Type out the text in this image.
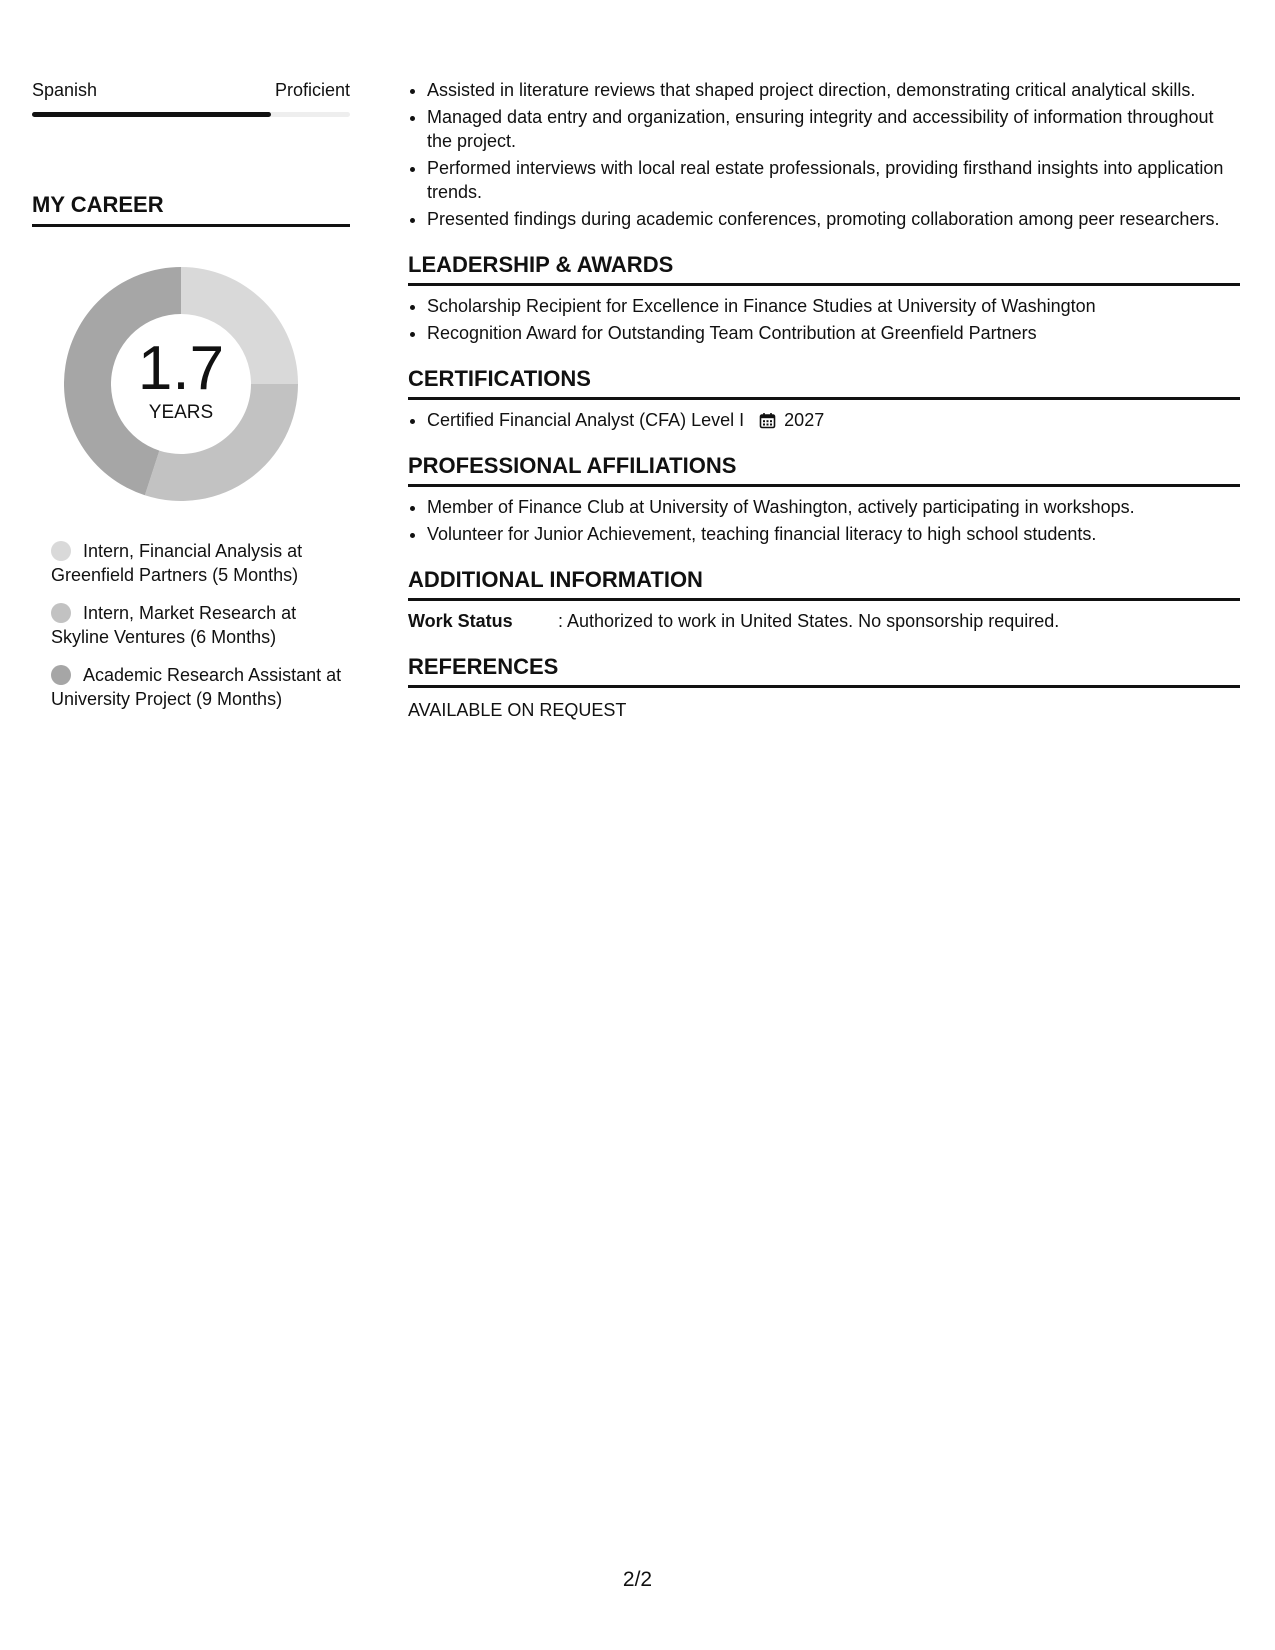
Spanish	Proficient
MY CAREER
1.7
YEARS
Intern, Financial Analysis at Greenfield Partners (5 Months)
Intern, Market Research at Skyline Ventures (6 Months)
Academic Research Assistant at University Project (9 Months)
• Assisted in literature reviews that shaped project direction, demonstrating critical analytical skills.
• Managed data entry and organization, ensuring integrity and accessibility of information throughout the project.
• Performed interviews with local real estate professionals, providing firsthand insights into application trends.
• Presented findings during academic conferences, promoting collaboration among peer researchers.
LEADERSHIP & AWARDS
• Scholarship Recipient for Excellence in Finance Studies at University of Washington
• Recognition Award for Outstanding Team Contribution at Greenfield Partners
CERTIFICATIONS
• Certified Financial Analyst (CFA) Level I 2027
PROFESSIONAL AFFILIATIONS
• Member of Finance Club at University of Washington, actively participating in workshops.
• Volunteer for Junior Achievement, teaching financial literacy to high school students.
ADDITIONAL INFORMATION
Work Status	: Authorized to work in United States. No sponsorship required.
REFERENCES
AVAILABLE ON REQUEST
2/2
